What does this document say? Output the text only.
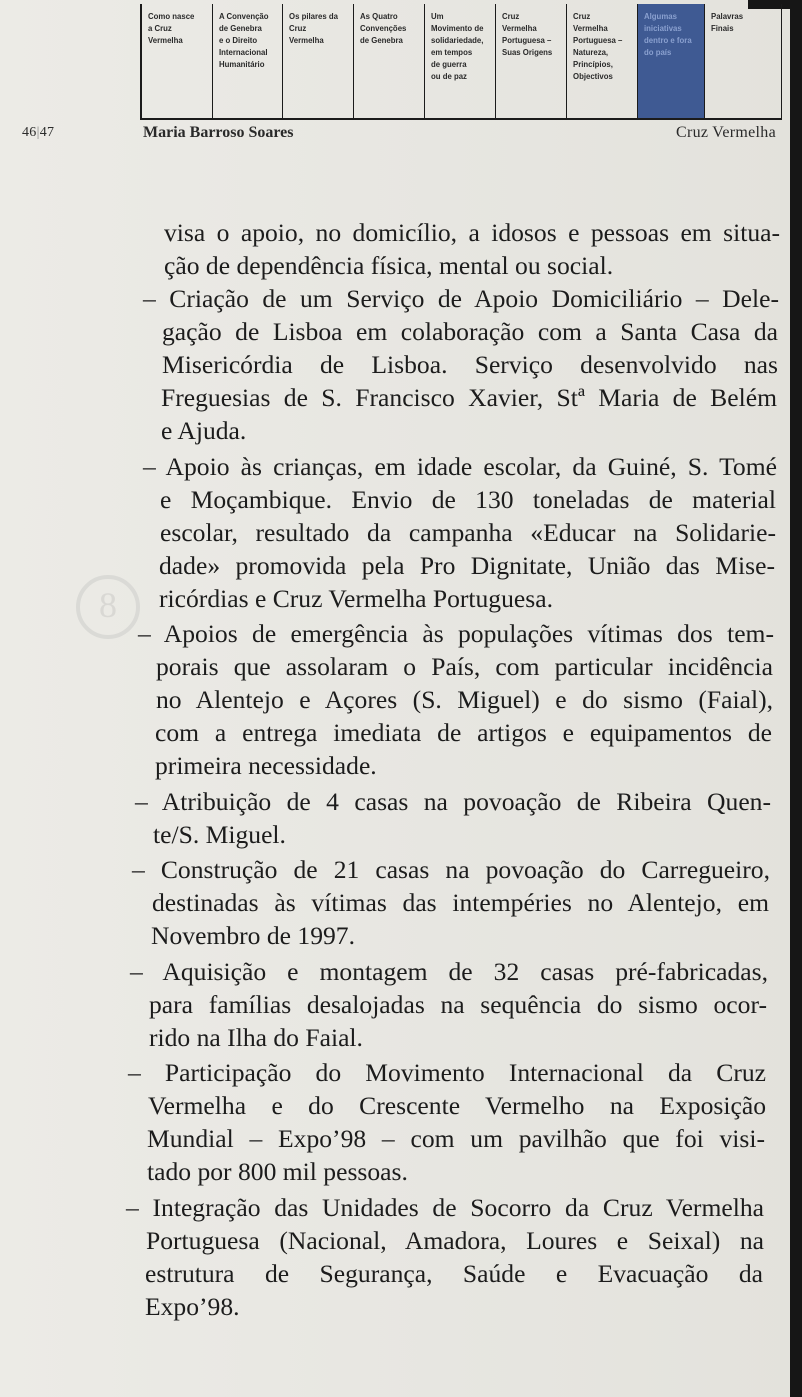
Como nasce
a Cruz
Vermelha
A Convenção
de Genebra
e o Direito
Internacional
Humanitário
Os pilares da
Cruz
Vermelha
As Quatro
Convenções
de Genebra
Um
Movimento de
solidariedade,
em tempos
de guerra
ou de paz
Cruz
Vermelha
Portuguesa –
Suas Origens
Cruz
Vermelha
Portuguesa –
Natureza,
Princípios,
Objectivos
Algumas
iniciativas
dentro e fora
do país
Palavras
Finais
46|47	Maria Barroso Soares	Cruz Vermelha
8
visa o apoio, no domicílio, a idosos e pessoas em situa-
ção de dependência física, mental ou social.
– Criação de um Serviço de Apoio Domiciliário – Dele-
gação de Lisboa em colaboração com a Santa Casa da
Misericórdia de Lisboa. Serviço desenvolvido nas
Freguesias de S. Francisco Xavier, Stª Maria de Belém
e Ajuda.
– Apoio às crianças, em idade escolar, da Guiné, S. Tomé
e Moçambique. Envio de 130 toneladas de material
escolar, resultado da campanha «Educar na Solidarie-
dade» promovida pela Pro Dignitate, União das Mise-
ricórdias e Cruz Vermelha Portuguesa.
– Apoios de emergência às populações vítimas dos tem-
porais que assolaram o País, com particular incidência
no Alentejo e Açores (S. Miguel) e do sismo (Faial),
com a entrega imediata de artigos e equipamentos de
primeira necessidade.
– Atribuição de 4 casas na povoação de Ribeira Quen-
te/S. Miguel.
– Construção de 21 casas na povoação do Carregueiro,
destinadas às vítimas das intempéries no Alentejo, em
Novembro de 1997.
– Aquisição e montagem de 32 casas pré-fabricadas,
para famílias desalojadas na sequência do sismo ocor-
rido na Ilha do Faial.
– Participação do Movimento Internacional da Cruz
Vermelha e do Crescente Vermelho na Exposição
Mundial – Expo’98 – com um pavilhão que foi visi-
tado por 800 mil pessoas.
– Integração das Unidades de Socorro da Cruz Vermelha
Portuguesa (Nacional, Amadora, Loures e Seixal) na
estrutura de Segurança, Saúde e Evacuação da
Expo’98.
